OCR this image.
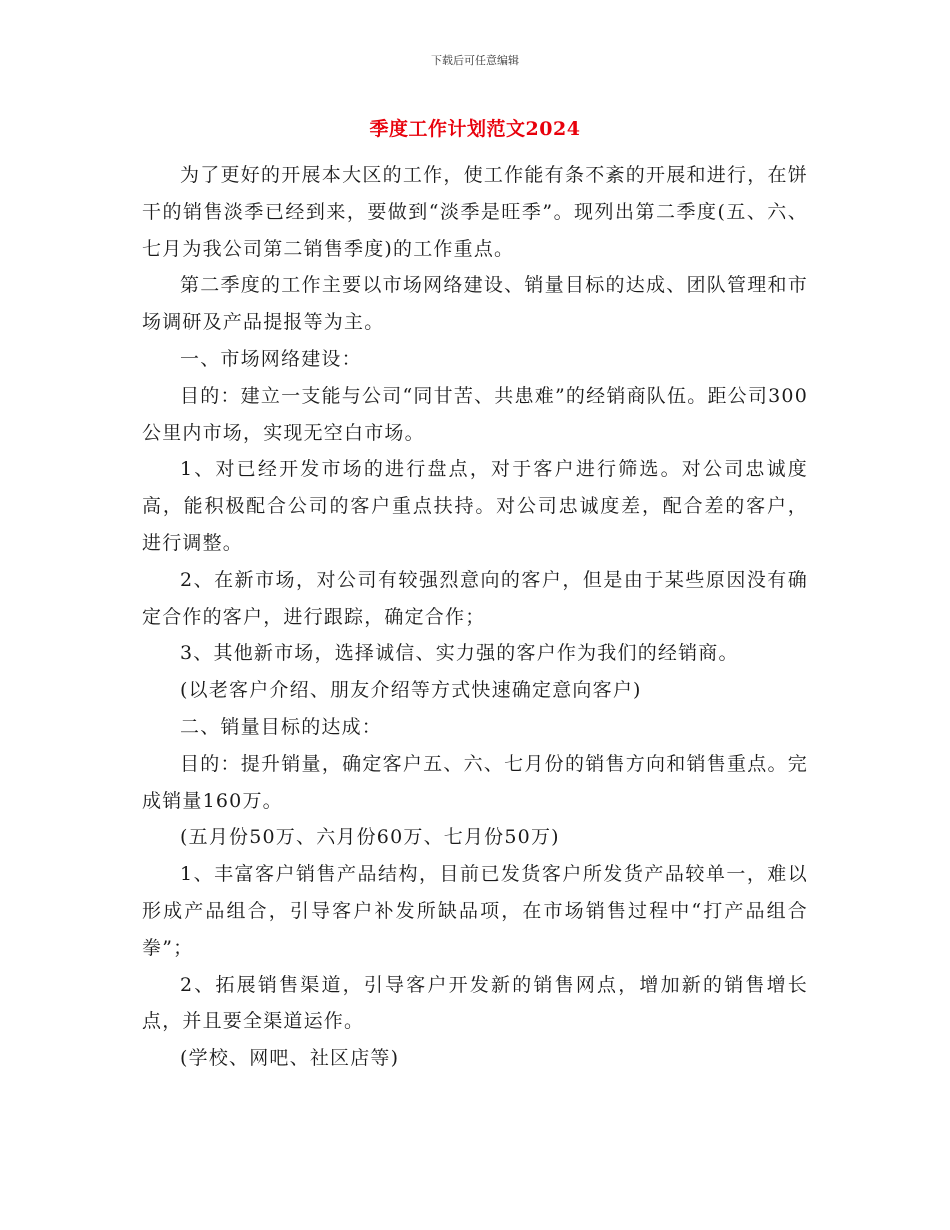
下载后可任意编辑
季度工作计划范文2024

为了更好的开展本大区的工作，使工作能有条不紊的开展和进行，在饼干的销售淡季已经到来，要做到“淡季是旺季”。现列出第二季度(五、六、七月为我公司第二销售季度)的工作重点。

第二季度的工作主要以市场网络建设、销量目标的达成、团队管理和市场调研及产品提报等为主。

一、市场网络建设：

目的：建立一支能与公司“同甘苦、共患难”的经销商队伍。距公司300公里内市场，实现无空白市场。

1、对已经开发市场的进行盘点，对于客户进行筛选。对公司忠诚度高，能积极配合公司的客户重点扶持。对公司忠诚度差，配合差的客户，进行调整。

2、在新市场，对公司有较强烈意向的客户，但是由于某些原因没有确定合作的客户，进行跟踪，确定合作；

3、其他新市场，选择诚信、实力强的客户作为我们的经销商。

(以老客户介绍、朋友介绍等方式快速确定意向客户)

二、销量目标的达成：

目的：提升销量，确定客户五、六、七月份的销售方向和销售重点。完成销量160万。

(五月份50万、六月份60万、七月份50万)

1、丰富客户销售产品结构，目前已发货客户所发货产品较单一，难以形成产品组合，引导客户补发所缺品项，在市场销售过程中“打产品组合拳”；

2、拓展销售渠道，引导客户开发新的销售网点，增加新的销售增长点，并且要全渠道运作。

(学校、网吧、社区店等)
